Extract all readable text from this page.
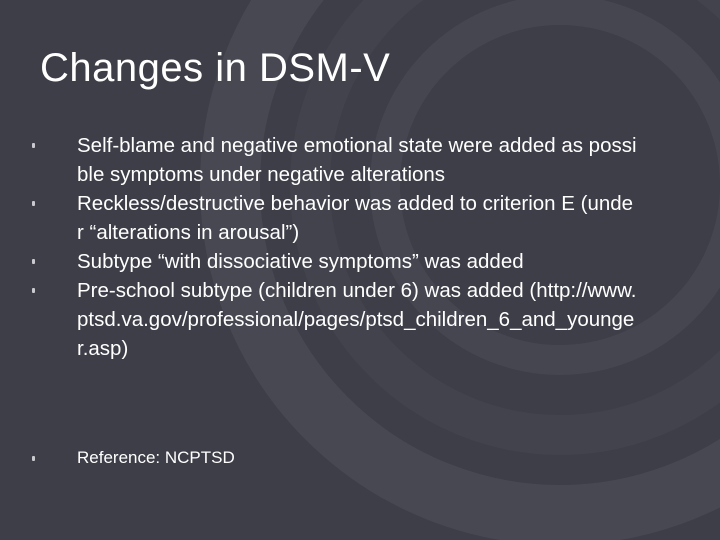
Changes in DSM-V
Self-blame and negative emotional state were added as possible symptoms under negative alterations
Reckless/destructive behavior was added to criterion E (under “alterations in arousal”)
Subtype “with dissociative symptoms” was added
Pre-school subtype (children under 6) was added (http://www.ptsd.va.gov/professional/pages/ptsd_children_6_and_younger.asp)
Reference: NCPTSD
